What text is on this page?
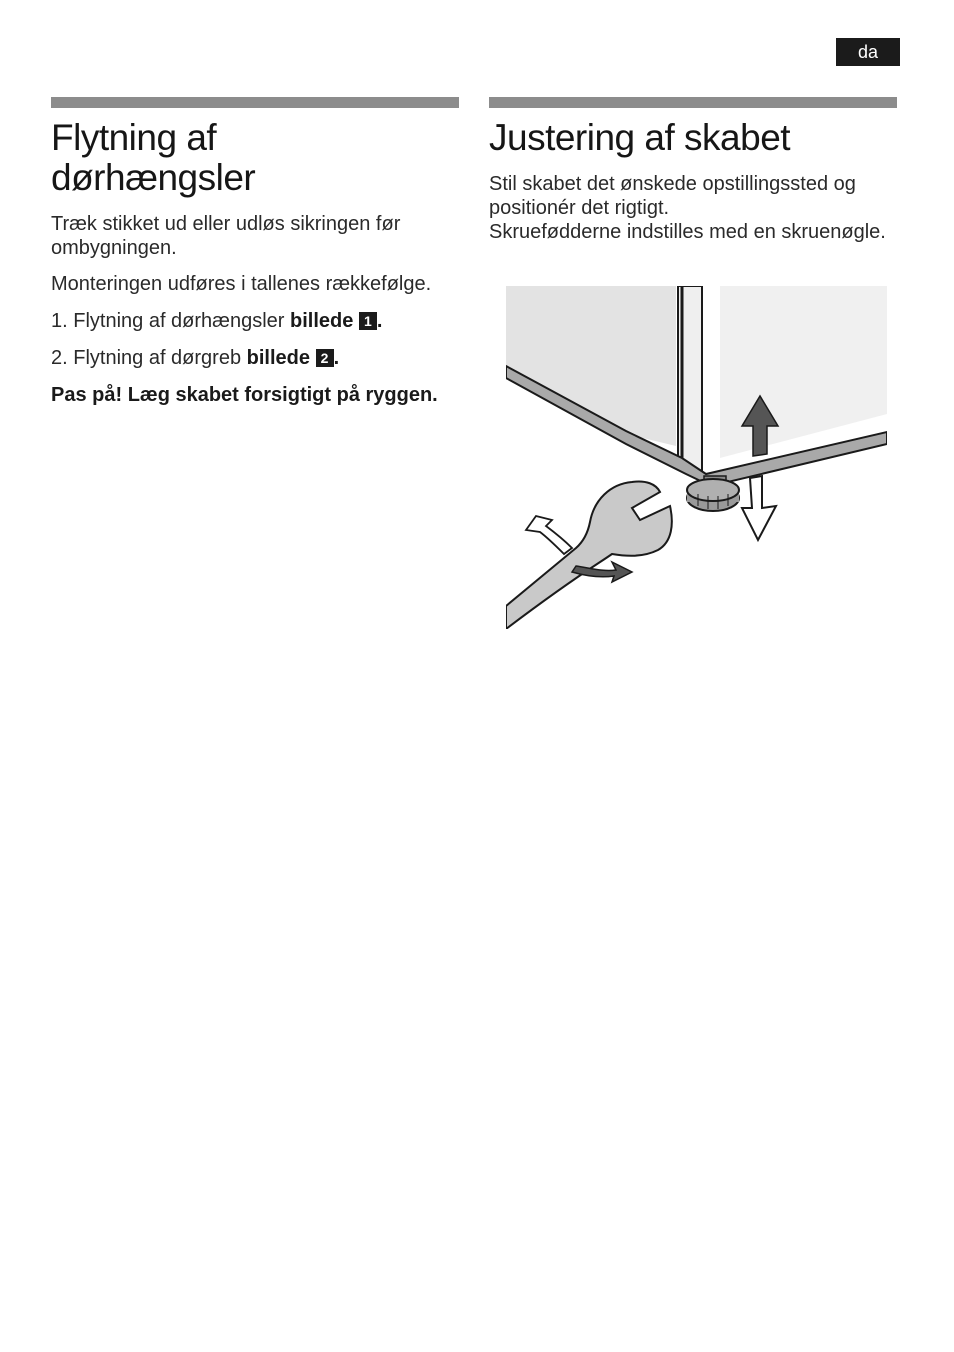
da
Flytning af dørhængsler

Træk stikket ud eller udløs sikringen før ombygningen.

Monteringen udføres i tallenes rækkefølge.

1. Flytning af dørhængsler billede 1 .

2. Flytning af dørgreb billede 2 .

Pas på! Læg skabet forsigtigt på ryggen.

Justering af skabet

Stil skabet det ønskede opstillingssted og positionér det rigtigt.
Skruefødderne indstilles med en skruenøgle.
